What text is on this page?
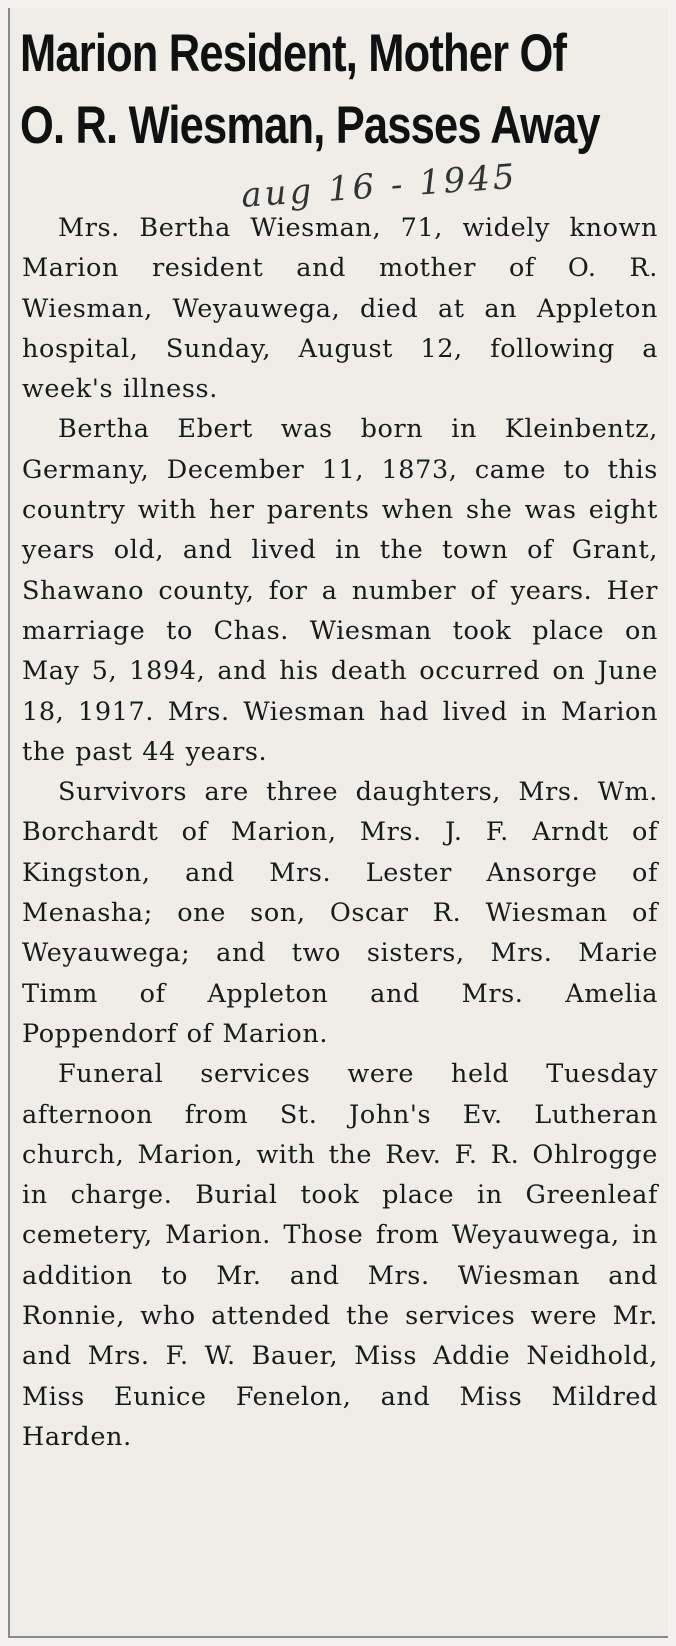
Marion Resident, Mother Of
O. R. Wiesman, Passes Away
aug 16 - 1945

Mrs. Bertha Wiesman, 71, widely known Marion resident and mother of O. R. Wiesman, Weyauwega, died at an Appleton hospital, Sunday, August 12, following a week's illness.

Bertha Ebert was born in Kleinbentz, Germany, December 11, 1873, came to this country with her parents when she was eight years old, and lived in the town of Grant, Shawano county, for a number of years. Her marriage to Chas. Wiesman took place on May 5, 1894, and his death occurred on June 18, 1917. Mrs. Wiesman had lived in Marion the past 44 years.

Survivors are three daughters, Mrs. Wm. Borchardt of Marion, Mrs. J. F. Arndt of Kingston, and Mrs. Lester Ansorge of Menasha; one son, Oscar R. Wiesman of Weyauwega; and two sisters, Mrs. Marie Timm of Appleton and Mrs. Amelia Poppendorf of Marion.

Funeral services were held Tuesday afternoon from St. John's Ev. Lutheran church, Marion, with the Rev. F. R. Ohlrogge in charge. Burial took place in Greenleaf cemetery, Marion. Those from Weyauwega, in addition to Mr. and Mrs. Wiesman and Ronnie, who attended the services were Mr. and Mrs. F. W. Bauer, Miss Addie Neidhold, Miss Eunice Fenelon, and Miss Mildred Harden.
